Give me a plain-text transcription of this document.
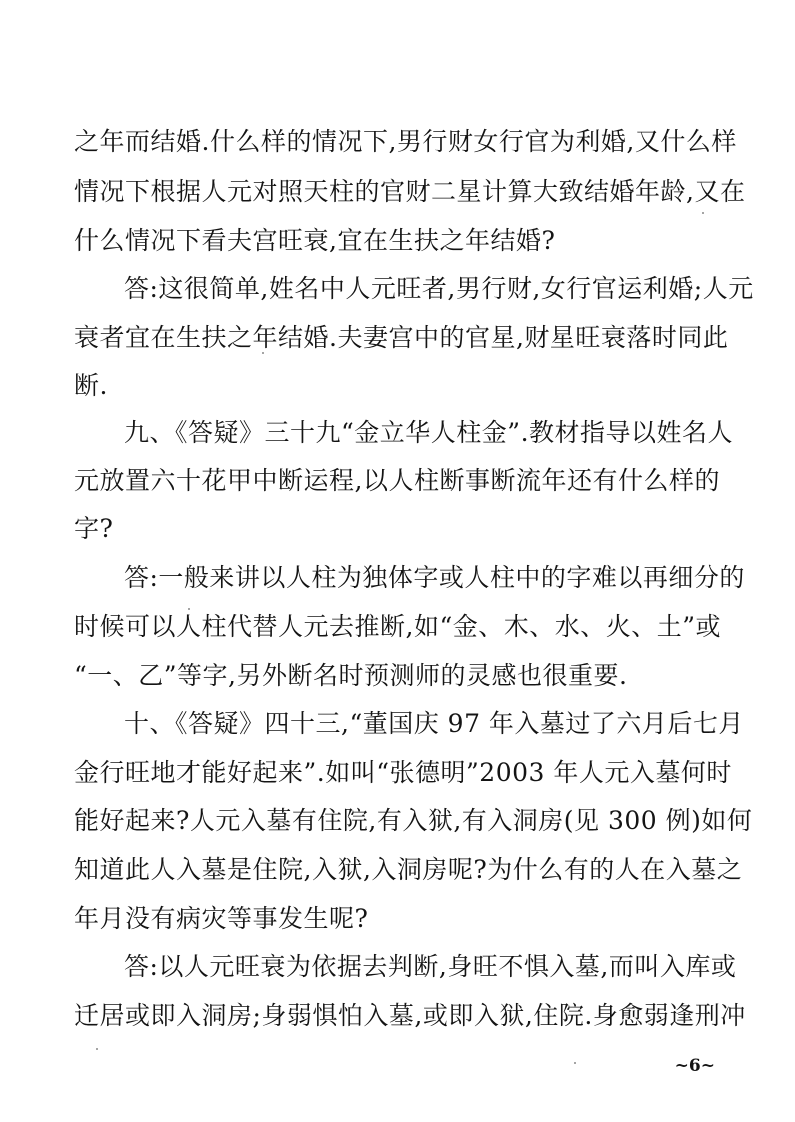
之年而结婚.什么样的情况下,男行财女行官为利婚,又什么样
情况下根据人元对照天柱的官财二星计算大致结婚年龄,又在
什么情况下看夫宫旺衰,宜在生扶之年结婚?
答:这很简单,姓名中人元旺者,男行财,女行官运利婚;人元
衰者宜在生扶之年结婚.夫妻宫中的官星,财星旺衰落时同此
断.
九、《答疑》三十九“金立华人柱金”.教材指导以姓名人
元放置六十花甲中断运程,以人柱断事断流年还有什么样的
字?
答:一般来讲以人柱为独体字或人柱中的字难以再细分的
时候可以人柱代替人元去推断,如“金、木、水、火、土”或
“一、乙”等字,另外断名时预测师的灵感也很重要.
十、《答疑》四十三,“董国庆 97 年入墓过了六月后七月
金行旺地才能好起来”.如叫“张德明”2003 年人元入墓何时
能好起来?人元入墓有住院,有入狱,有入洞房(见 300 例)如何
知道此人入墓是住院,入狱,入洞房呢?为什么有的人在入墓之
年月没有病灾等事发生呢?
答:以人元旺衰为依据去判断,身旺不惧入墓,而叫入库或
迁居或即入洞房;身弱惧怕入墓,或即入狱,住院.身愈弱逢刑冲
~6~
